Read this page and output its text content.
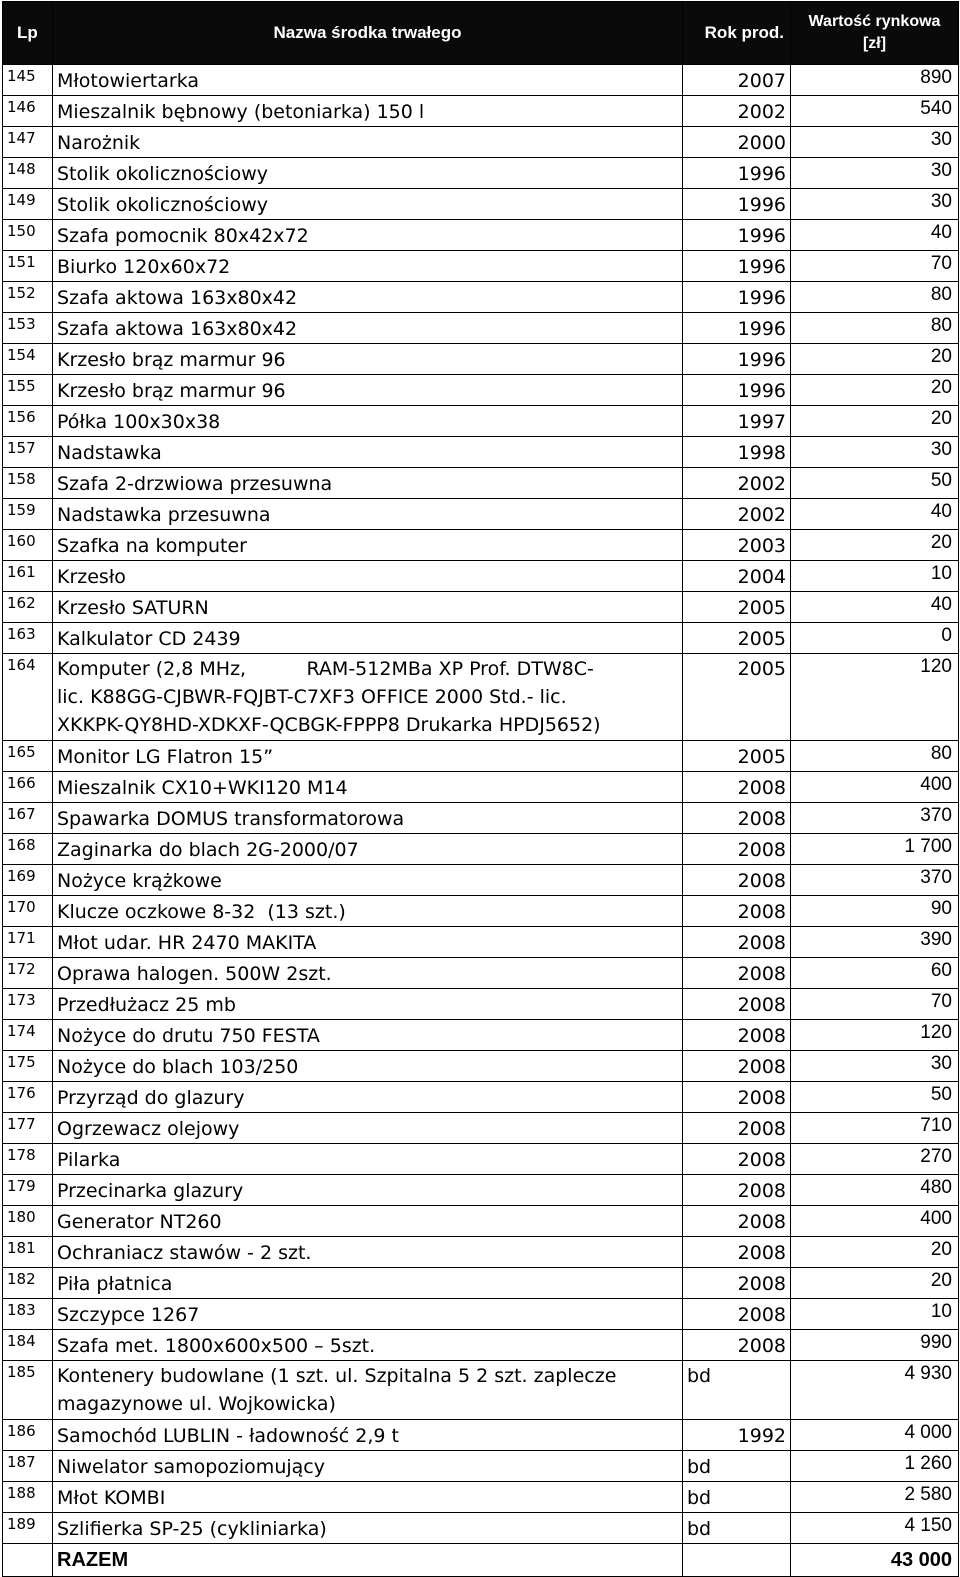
Lp	Nazwa środka trwałego	Rok prod.	Wartość rynkowa
[zł]
145	Młotowiertarka	2007	890
146	Mieszalnik bębnowy (betoniarka) 150 l	2002	540
147	Narożnik	2000	30
148	Stolik okolicznościowy	1996	30
149	Stolik okolicznościowy	1996	30
150	Szafa pomocnik 80x42x72	1996	40
151	Biurko 120x60x72	1996	70
152	Szafa aktowa 163x80x42	1996	80
153	Szafa aktowa 163x80x42	1996	80
154	Krzesło brąz marmur 96	1996	20
155	Krzesło brąz marmur 96	1996	20
156	Półka 100x30x38	1997	20
157	Nadstawka	1998	30
158	Szafa 2-drzwiowa przesuwna	2002	50
159	Nadstawka przesuwna	2002	40
160	Szafka na komputer	2003	20
161	Krzesło	2004	10
162	Krzesło SATURN	2005	40
163	Kalkulator CD 2439	2005	0
164	Komputer (2,8 MHz,          RAM-512MBa XP Prof. DTW8C-
lic. K88GG-CJBWR-FQJBT-C7XF3 OFFICE 2000 Std.- lic.
XKKPK-QY8HD-XDKXF-QCBGK-FPPP8 Drukarka HPDJ5652)	2005	120
165	Monitor LG Flatron 15”	2005	80
166	Mieszalnik CX10+WKI120 M14	2008	400
167	Spawarka DOMUS transformatorowa	2008	370
168	Zaginarka do blach 2G-2000/07	2008	1 700
169	Nożyce krążkowe	2008	370
170	Klucze oczkowe 8-32  (13 szt.)	2008	90
171	Młot udar. HR 2470 MAKITA	2008	390
172	Oprawa halogen. 500W 2szt.	2008	60
173	Przedłużacz 25 mb	2008	70
174	Nożyce do drutu 750 FESTA	2008	120
175	Nożyce do blach 103/250	2008	30
176	Przyrząd do glazury	2008	50
177	Ogrzewacz olejowy	2008	710
178	Pilarka	2008	270
179	Przecinarka glazury	2008	480
180	Generator NT260	2008	400
181	Ochraniacz stawów - 2 szt.	2008	20
182	Piła płatnica	2008	20
183	Szczypce 1267	2008	10
184	Szafa met. 1800x600x500 – 5szt.	2008	990
185	Kontenery budowlane (1 szt. ul. Szpitalna 5 2 szt. zaplecze
magazynowe ul. Wojkowicka)	bd	4 930
186	Samochód LUBLIN - ładowność 2,9 t	1992	4 000
187	Niwelator samopoziomujący	bd	1 260
188	Młot KOMBI	bd	2 580
189	Szlifierka SP-25 (cykliniarka)	bd	4 150
	RAZEM		43 000
